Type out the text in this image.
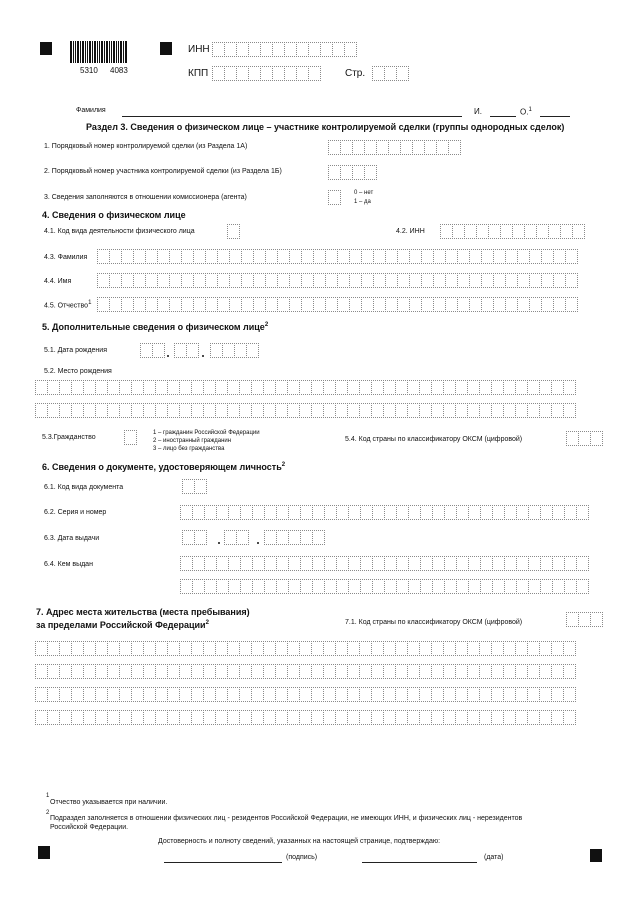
5310 4083
ИНН
КПП	Стр.
Фамилия	И.	О.$^1$
Раздел 3. Сведения о физическом лице – участнике контролируемой сделки (группы однородных сделок)
1. Порядковый номер контролируемой сделки (из Раздела 1А)
2. Порядковый номер участника контролируемой сделки (из Раздела 1Б)
3. Сведения заполняются в отношении комиссионера (агента)
0 – нет
1 – да
4. Сведения о физическом лице
4.1. Код вида деятельности физического лица	4.2. ИНН
4.3. Фамилия
4.4. Имя
4.5. Отчество$^1$
5. Дополнительные сведения о физическом лице$^2$
5.1. Дата рождения
5.2. Место рождения
5.3.Гражданство
1 – гражданин Российской Федерации
2 – иностранный гражданин
3 – лицо без гражданства
5.4. Код страны по классификатору ОКСМ (цифровой)
6. Сведения о документе, удостоверяющем личность$^2$
6.1. Код вида документа
6.2. Серия и номер
6.3. Дата выдачи
6.4. Кем выдан
7. Адрес места жительства (места пребывания)
за пределами Российской Федерации$^2$	7.1. Код страны по классификатору ОКСМ (цифровой)
1
Отчество указывается при наличии.
2
Подраздел заполняется в отношении физических лиц - резидентов Российской Федерации, не имеющих ИНН, и физических лиц - нерезидентов
Российской Федерации.
Достоверность и полноту сведений, указанных на настоящей странице, подтверждаю:
(подпись)	(дата)
